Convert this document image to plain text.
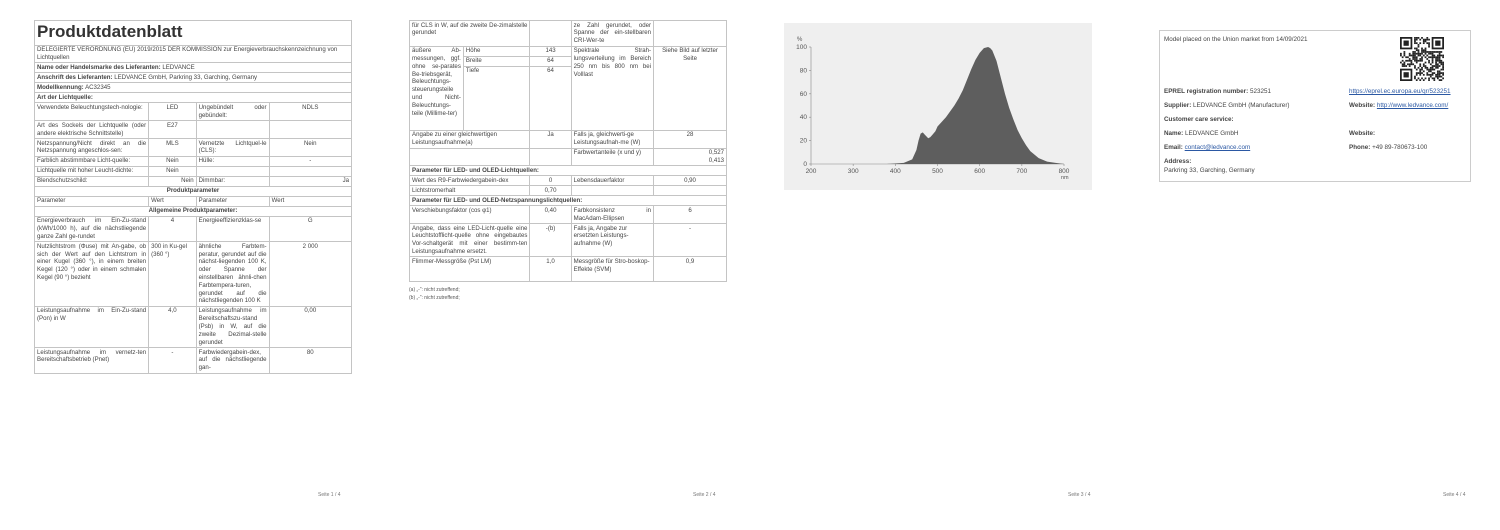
Produktdatenblatt			
DELEGIERTE VERORDNUNG (EU) 2019/2015 DER KOMMISSION zur Energieverbrauchskennzeichnung von Lichtquellen			
Name oder Handelsmarke des Lieferanten: LEDVANCE			
Anschrift des Lieferanten: LEDVANCE GmbH, Parkring 33, Garching, Germany			
Modellkennung: AC32345			
Art der Lichtquelle:			
Verwendete Beleuchtungstech-nologie:	LED	Ungebündelt oder gebündelt:	NDLS
Art des Sockels der Lichtquelle (oder andere elektrische Schnittstelle)	E27		
Netzspannung/Nicht direkt an die Netzspannung angeschlos-sen:	MLS	Vernetzte Lichtquel-le (CLS):	Nein
Farblich abstimmbare Licht-quelle:	Nein	Hülle:	-
Lichtquelle mit hoher Leucht-dichte:	Nein		
Blendschutzschild:	Nein	Dimmbar:	Ja
Produktparameter			
Parameter	Wert	Parameter	Wert
Allgemeine Produktparameter:			
Energieverbrauch im Ein-Zu-stand (kWh/1000 h), auf die nächstliegende ganze Zahl ge-rundet	4	Energieeffizienzklas-se	G
Nutzlichtstrom (Φuse) mit An-gabe, ob sich der Wert auf den Lichtstrom in einer Kugel (360 °), in einem breiten Kegel (120 °) oder in einem schmalen Kegel (90 °) bezieht	300 in Ku-gel (360 °)	ähnliche Farbtem-peratur, gerundet auf die nächst-liegenden 100 K, oder Spanne der einstellbaren ähnli-chen Farbtempera-turen, gerundet auf die nächstliegenden 100 K	2 000
Leistungsaufnahme im Ein-Zu-stand (Pon) in W	4,0	Leistungsaufnahme im Bereitschaftszu-stand (Psb) in W, auf die zweite Dezimal-stelle gerundet	0,00
Leistungsaufnahme im vernetz-ten Bereitschaftsbetrieb (Pnet)	-	Farbwiedergabein-dex, auf die nächstliegende gan-	80
Seite 1 / 4
für CLS in W, auf die zweite De-zimalstelle gerundet			ze Zahl gerundet, oder Spanne der ein-stellbaren CRI-Wer-te	
äußere Ab-messungen, ggf. ohne se-parates Be-triebsgerät, Beleuchtungs-steuerungsteile und Nicht-Beleuchtungs-teile (Millime-ter)	Höhe	143	Spektrale Strah-lungsverteilung im Bereich 250 nm bis 800 nm bei Volllast	Siehe Bild auf letzter Seite
	Breite	64		
	Tiefe	64		
Angabe zu einer gleichwertigen Leistungsaufnahme(a)		Ja	Falls ja, gleichwerti-ge Leistungsaufnah-me (W)	28
			Farbwertanteile (x und y)	0,527
0,413

Parameter für LED- und OLED-Lichtquellen:				
Wert des R9-Farbwiedergabein-dex		0	Lebensdauerfaktor	0,90
Lichtstromerhalt		0,70		
Parameter für LED- und OLED-Netzspannungslichtquellen:				
Verschiebungsfaktor (cos φ1)		0,40	Farbkonsistenz in MacAdam-Ellipsen	6
Angabe, dass eine LED-Licht-quelle eine Leuchtstofflicht-quelle ohne eingebautes Vor-schaltgerät mit einer bestimm-ten Leistungsaufnahme ersetzt.		-(b)	Falls ja, Angabe zur ersetzten Leistungs-aufnahme (W)	-
Flimmer-Messgröße (Pst LM)		1,0	Messgröße für Stro-boskop-Effekte (SVM)	0,9
(a) „-“: nicht zutreffend;
(b) „-“: nicht zutreffend;
Seite 2 / 4
0
20
40
60
80
100
200	300	400	500	600	700	800
%
nm
Seite 3 / 4
Model placed on the Union market from 14/09/2021
EPREL registration number: 523251	https://eprel.ec.europa.eu/qr/523251
Supplier: LEDVANCE GmbH (Manufacturer)	Website: http://www.ledvance.com/
Customer care service:
Name: LEDVANCE GmbH	Website:
Email: contact@ledvance.com	Phone: +49 89-780673-100
Address:
Parkring 33, Garching, Germany
Seite 4 / 4
